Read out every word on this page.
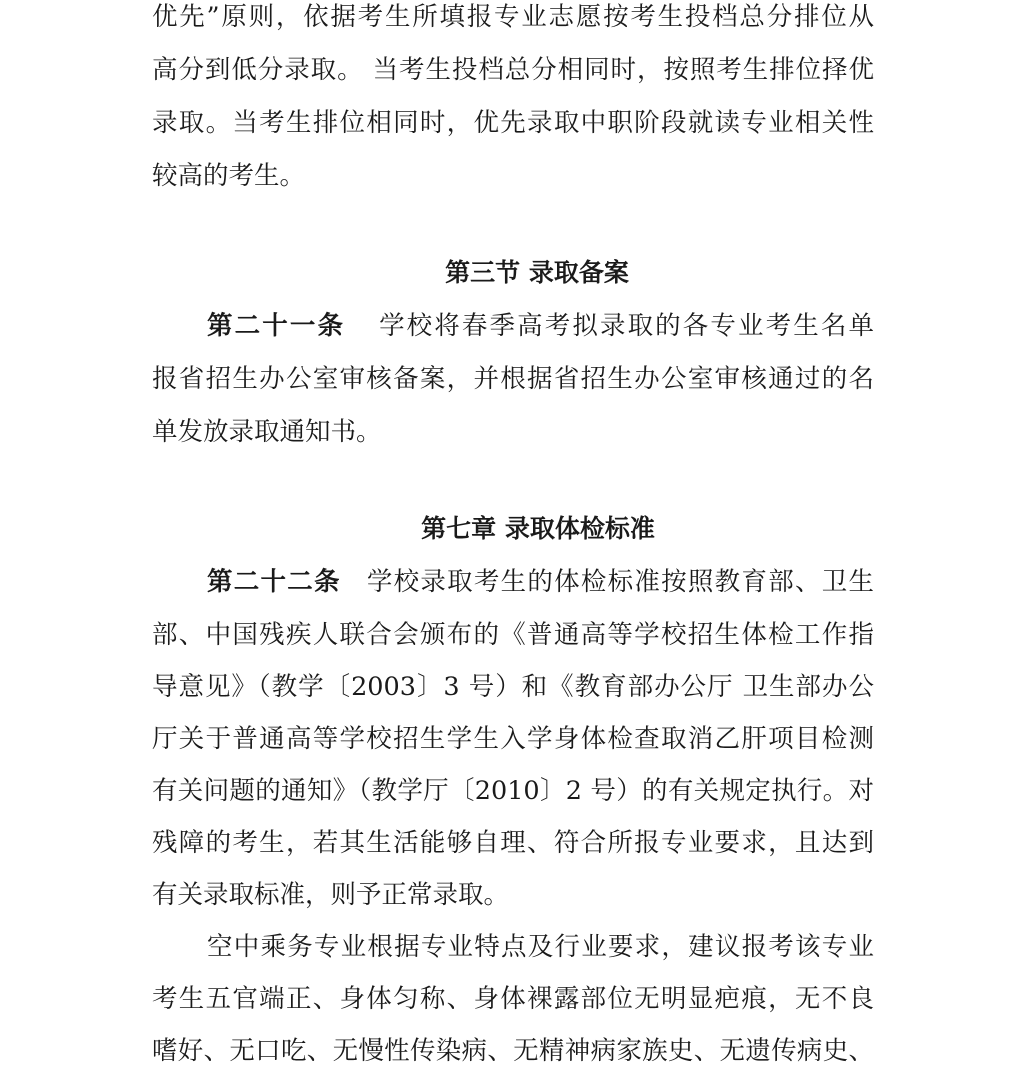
优先”原则，依据考生所填报专业志愿按考生投档总分排位从
高分到低分录取。 当考生投档总分相同时，按照考生排位择优
录取。当考生排位相同时，优先录取中职阶段就读专业相关性
较高的考生。
第三节 录取备案
第二十一条 学校将春季高考拟录取的各专业考生名单
报省招生办公室审核备案，并根据省招生办公室审核通过的名
单发放录取通知书。
第七章 录取体检标准
第二十二条 学校录取考生的体检标准按照教育部、卫生
部、中国残疾人联合会颁布的《普通高等学校招生体检工作指
导意见》（教学〔2003〕3 号）和《教育部办公厅 卫生部办公
厅关于普通高等学校招生学生入学身体检查取消乙肝项目检测
有关问题的通知》（教学厅〔2010〕2 号）的有关规定执行。对
残障的考生，若其生活能够自理、符合所报专业要求，且达到
有关录取标准，则予正常录取。
空中乘务专业根据专业特点及行业要求，建议报考该专业
考生五官端正、身体匀称、身体裸露部位无明显疤痕，无不良
嗜好、无口吃、无慢性传染病、无精神病家族史、无遗传病史、
